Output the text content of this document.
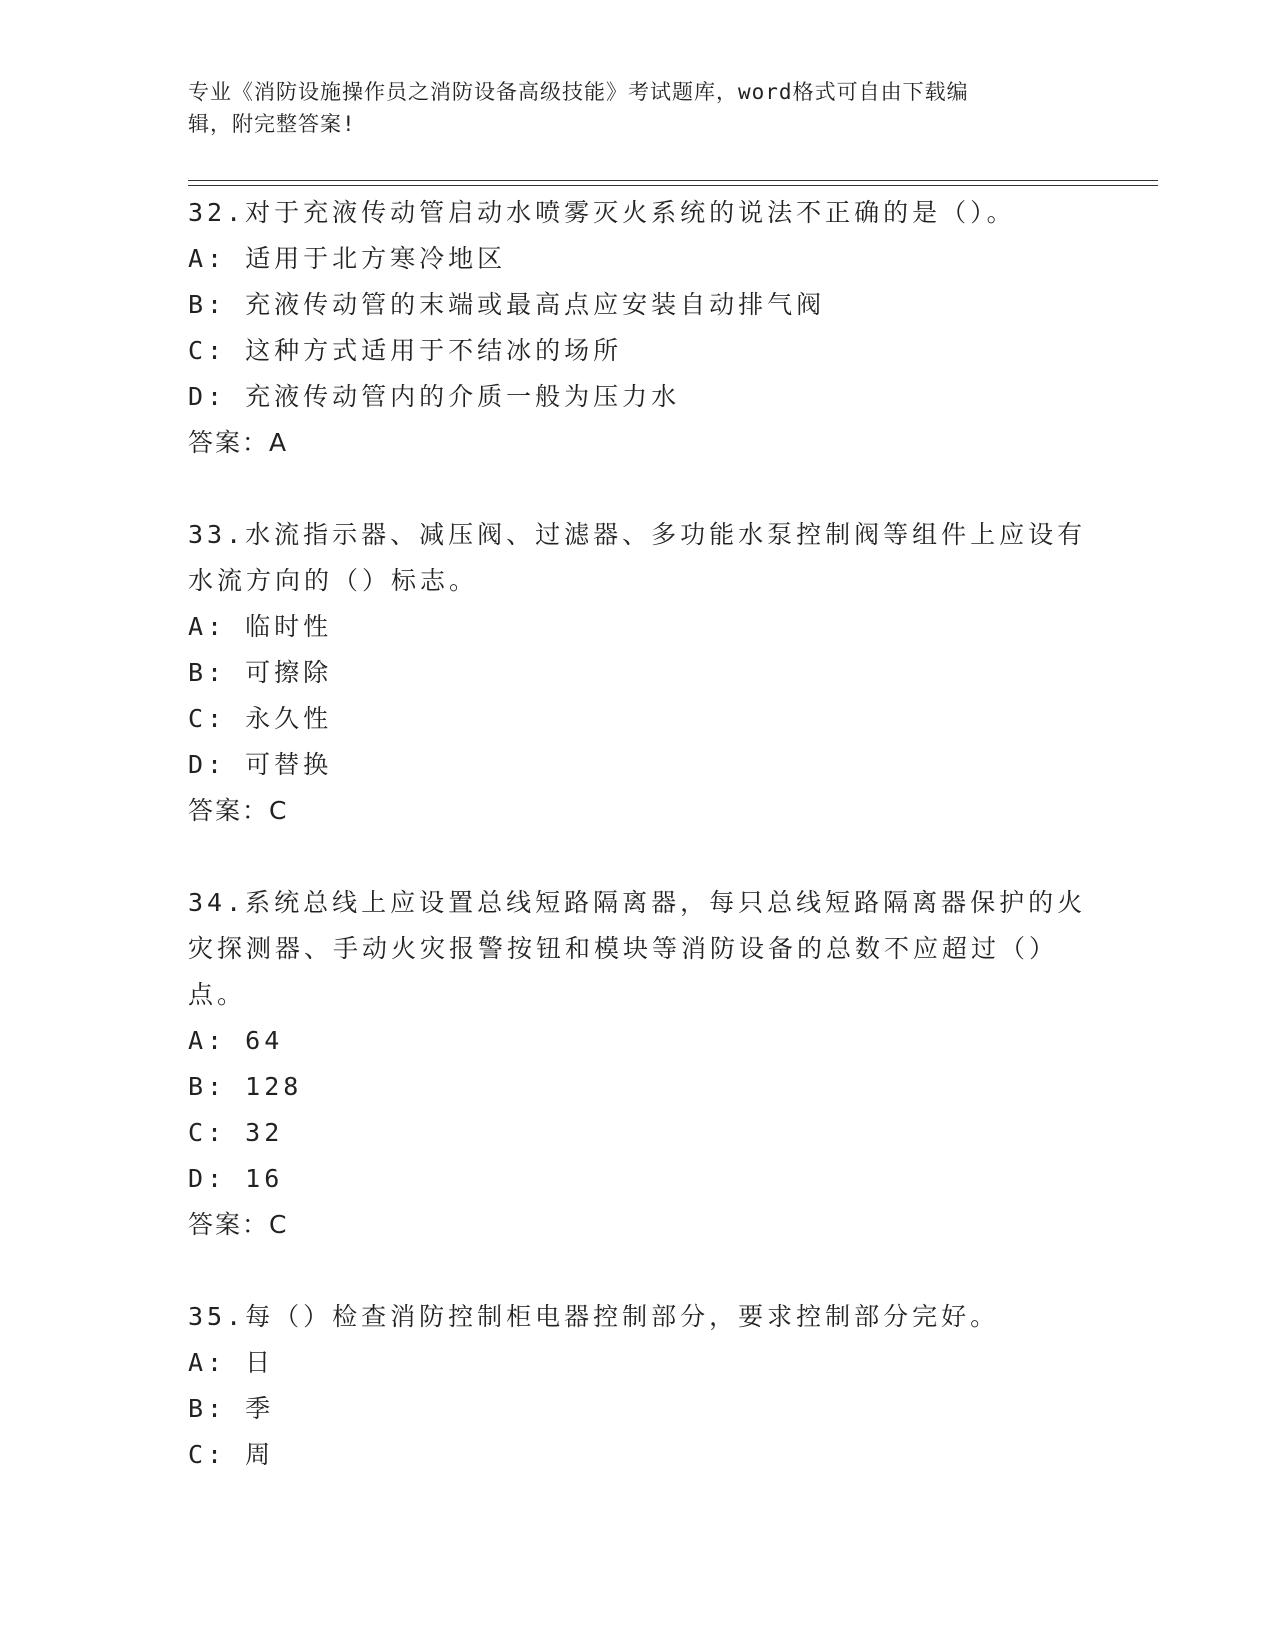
专业《消防设施操作员之消防设备高级技能》考试题库，word格式可自由下载编
辑，附完整答案!
32.对于充液传动管启动水喷雾灭火系统的说法不正确的是（）。
A: 适用于北方寒冷地区
B: 充液传动管的末端或最高点应安装自动排气阀
C: 这种方式适用于不结冰的场所
D: 充液传动管内的介质一般为压力水
答案：A
33.水流指示器、减压阀、过滤器、多功能水泵控制阀等组件上应设有
水流方向的（）标志。
A: 临时性
B: 可擦除
C: 永久性
D: 可替换
答案：C
34.系统总线上应设置总线短路隔离器，每只总线短路隔离器保护的火
灾探测器、手动火灾报警按钮和模块等消防设备的总数不应超过（）
点。
A: 64
B: 128
C: 32
D: 16
答案：C
35.每（）检查消防控制柜电器控制部分，要求控制部分完好。
A: 日
B: 季
C: 周
